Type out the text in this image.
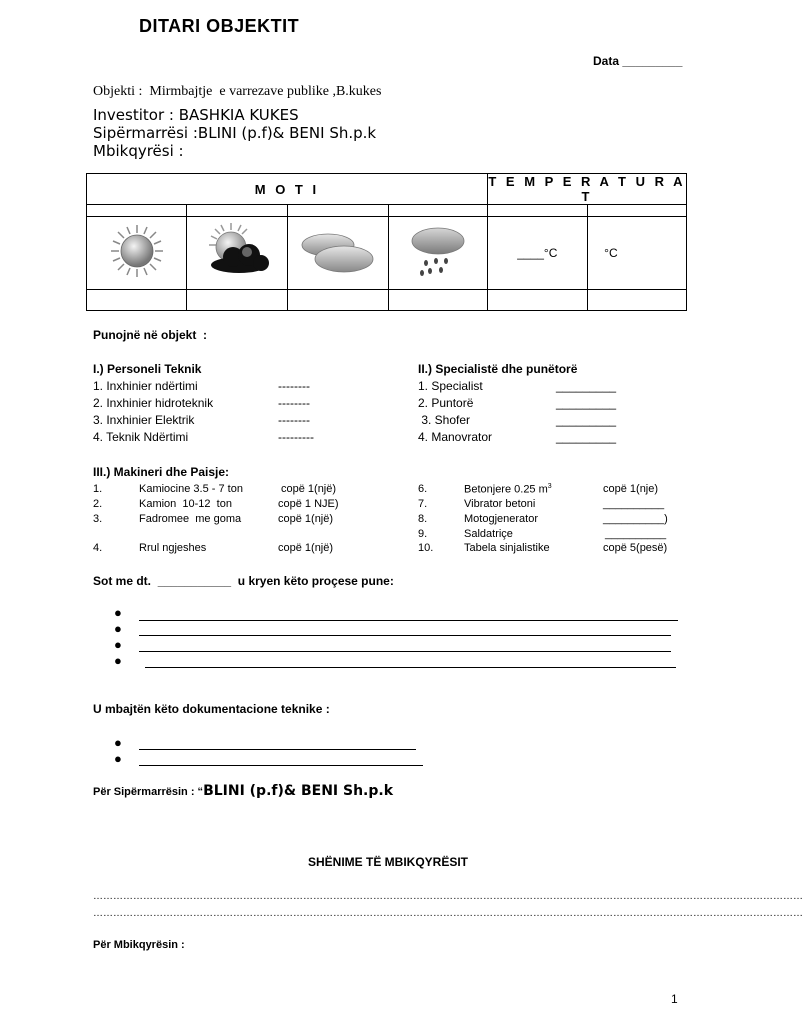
DITARI OBJEKTIT
Data _________
Objekti :  Mirmbajtje  e varrezave publike ,B.kukes
Investitor : BASHKIA KUKES
Sipërmarrësi :BLINI (p.f)& BENI Sh.p.k
Mbikqyrësi :
M O T I				T E M P E R A T U R A T	

				____°C	°C

Punojnë në objekt  :
I.) Personeli Teknik
1. Inxhinier ndërtimi	--------
2. Inxhinier hidroteknik	--------
3. Inxhinier Elektrik	--------
4. Teknik Ndërtimi	---------
II.) Specialistë dhe punëtorë
1. Specialist	_________
2. Puntorë	_________
3. Shofer	_________
4. Manovrator	_________
III.) Makineri dhe Paisje:
1.	Kamiocine 3.5 - 7 ton	copë 1(një)
2.	Kamion  10-12  ton	copë 1 NJE)
3.	Fadromee  me goma	copë 1(një)
4.	Rrul ngjeshes	copë 1(një)
6.	Betonjere 0.25 $m^3$	copë 1(nje)
7.	Vibrator betoni	__________
8.	Motogjenerator	__________)
9.	Saldatriçe	__________
10.	Tabela sinjalistike	copë 5(pesë)
Sot me dt. ___________ u kryen këto proçese pune:
●
●
●
●
U mbajtën këto dokumentacione teknike :
●
●
Për Sipërmarrësin : “BLINI (p.f)& BENI Sh.p.k
SHËNIME TË MBIKQYRËSIT
……………………………………………………………………………………………………………………………………………………………………………………………
……………………………………………………………………………………………………………………………………………………………………………………………
Për Mbikqyrësin :
1
